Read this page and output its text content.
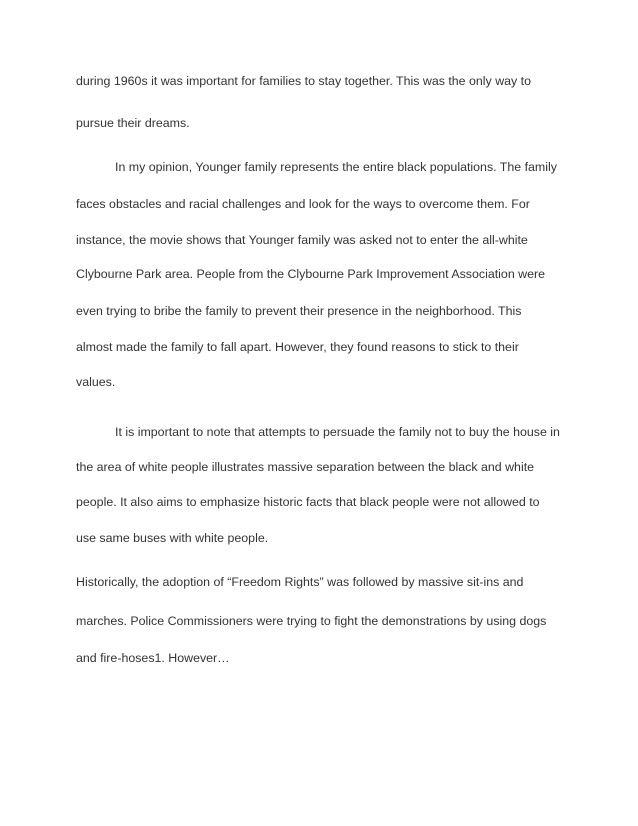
during 1960s it was important for families to stay together. This was the only way to
pursue their dreams.
In my opinion, Younger family represents the entire black populations. The family
faces obstacles and racial challenges and look for the ways to overcome them. For
instance, the movie shows that Younger family was asked not to enter the all-white
Clybourne Park area. People from the Clybourne Park Improvement Association were
even trying to bribe the family to prevent their presence in the neighborhood. This
almost made the family to fall apart. However, they found reasons to stick to their
values.
It is important to note that attempts to persuade the family not to buy the house in
the area of white people illustrates massive separation between the black and white
people. It also aims to emphasize historic facts that black people were not allowed to
use same buses with white people.
Historically, the adoption of “Freedom Rights” was followed by massive sit-ins and
marches. Police Commissioners were trying to fight the demonstrations by using dogs
and fire-hoses1. However…
